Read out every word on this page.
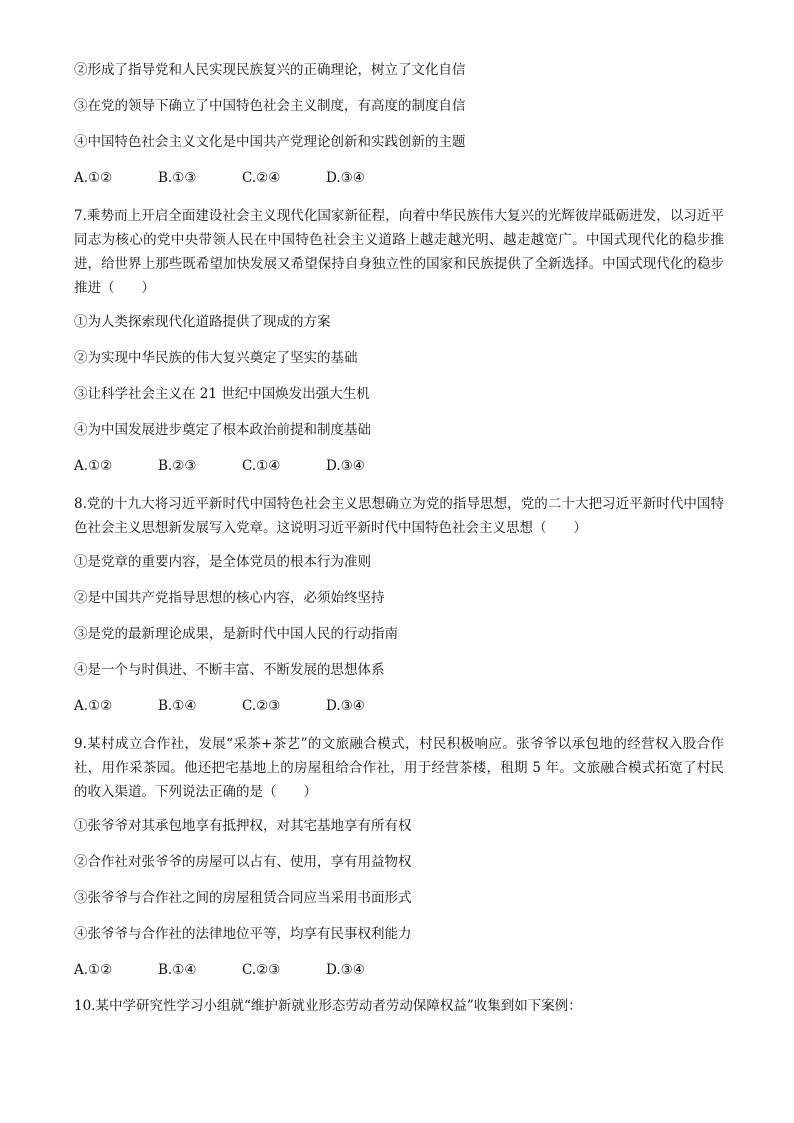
②形成了指导党和人民实现民族复兴的正确理论，树立了文化自信

③在党的领导下确立了中国特色社会主义制度，有高度的制度自信

④中国特色社会主义文化是中国共产党理论创新和实践创新的主题

A.①②	B.①③	C.②④	D.③④

7.乘势而上开启全面建设社会主义现代化国家新征程，向着中华民族伟大复兴的光辉彼岸砥砺进发，以习近平同志为核心的党中央带领人民在中国特色社会主义道路上越走越光明、越走越宽广。中国式现代化的稳步推进，给世界上那些既希望加快发展又希望保持自身独立性的国家和民族提供了全新选择。中国式现代化的稳步推进（　　）

①为人类探索现代化道路提供了现成的方案

②为实现中华民族的伟大复兴奠定了坚实的基础

③让科学社会主义在 21 世纪中国焕发出强大生机

④为中国发展进步奠定了根本政治前提和制度基础

A.①②	B.②③	C.①④	D.③④

8.党的十九大将习近平新时代中国特色社会主义思想确立为党的指导思想，党的二十大把习近平新时代中国特色社会主义思想新发展写入党章。这说明习近平新时代中国特色社会主义思想（　　）

①是党章的重要内容，是全体党员的根本行为准则

②是中国共产党指导思想的核心内容，必须始终坚持

③是党的最新理论成果，是新时代中国人民的行动指南

④是一个与时俱进、不断丰富、不断发展的思想体系

A.①②	B.①④	C.②③	D.③④

9.某村成立合作社，发展“采茶+茶艺”的文旅融合模式，村民积极响应。张爷爷以承包地的经营权入股合作社，用作采茶园。他还把宅基地上的房屋租给合作社，用于经营茶楼，租期 5 年。文旅融合模式拓宽了村民的收入渠道。下列说法正确的是（　　）

①张爷爷对其承包地享有抵押权，对其宅基地享有所有权

②合作社对张爷爷的房屋可以占有、使用，享有用益物权

③张爷爷与合作社之间的房屋租赁合同应当采用书面形式

④张爷爷与合作社的法律地位平等，均享有民事权利能力

A.①②	B.①④	C.②③	D.③④

10.某中学研究性学习小组就“维护新就业形态劳动者劳动保障权益”收集到如下案例：
